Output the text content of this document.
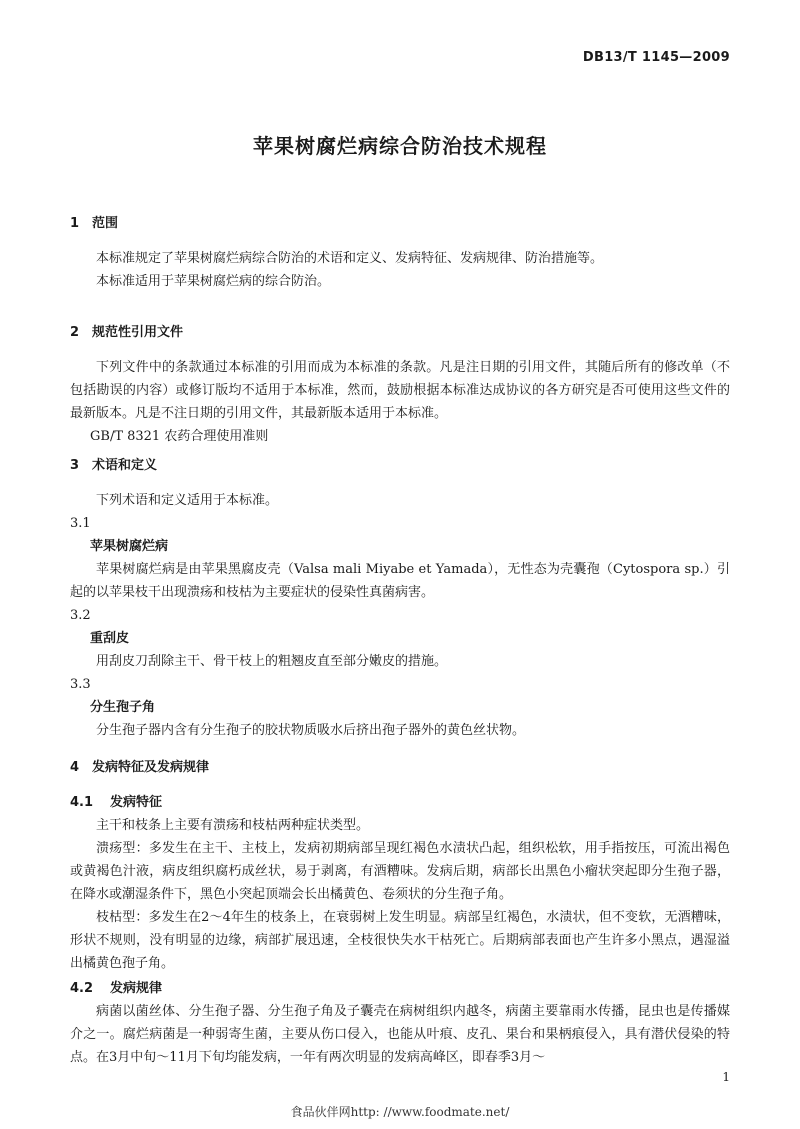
DB13/T 1145—2009
苹果树腐烂病综合防治技术规程
1 范围

本标准规定了苹果树腐烂病综合防治的术语和定义、发病特征、发病规律、防治措施等。

本标准适用于苹果树腐烂病的综合防治。

2 规范性引用文件

下列文件中的条款通过本标准的引用而成为本标准的条款。凡是注日期的引用文件，其随后所有的修改单（不包括勘误的内容）或修订版均不适用于本标准，然而，鼓励根据本标准达成协议的各方研究是否可使用这些文件的最新版本。凡是不注日期的引用文件，其最新版本适用于本标准。

GB/T 8321 农药合理使用准则
3 术语和定义

下列术语和定义适用于本标准。

3.1
苹果树腐烂病

苹果树腐烂病是由苹果黑腐皮壳（Valsa mali Miyabe et Yamada），无性态为壳囊孢（Cytospora sp.）引起的以苹果枝干出现溃疡和枝枯为主要症状的侵染性真菌病害。

3.2
重刮皮

用刮皮刀刮除主干、骨干枝上的粗翘皮直至部分嫩皮的措施。

3.3
分生孢子角

分生孢子器内含有分生孢子的胶状物质吸水后挤出孢子器外的黄色丝状物。

4 发病特征及发病规律
4.1 发病特征

主干和枝条上主要有溃疡和枝枯两种症状类型。

溃疡型：多发生在主干、主枝上，发病初期病部呈现红褐色水渍状凸起，组织松软，用手指按压，可流出褐色或黄褐色汁液，病皮组织腐朽成丝状，易于剥离，有酒糟味。发病后期，病部长出黑色小瘤状突起即分生孢子器，在降水或潮湿条件下，黑色小突起顶端会长出橘黄色、卷须状的分生孢子角。

枝枯型：多发生在2～4年生的枝条上，在衰弱树上发生明显。病部呈红褐色，水渍状，但不变软，无酒糟味，形状不规则，没有明显的边缘，病部扩展迅速，全枝很快失水干枯死亡。后期病部表面也产生许多小黑点，遇湿溢出橘黄色孢子角。

4.2 发病规律

病菌以菌丝体、分生孢子器、分生孢子角及子囊壳在病树组织内越冬，病菌主要靠雨水传播，昆虫也是传播媒介之一。腐烂病菌是一种弱寄生菌，主要从伤口侵入，也能从叶痕、皮孔、果台和果柄痕侵入，具有潜伏侵染的特点。在3月中旬～11月下旬均能发病，一年有两次明显的发病高峰区，即春季3月～

1
食品伙伴网http: //www.foodmate.net/
